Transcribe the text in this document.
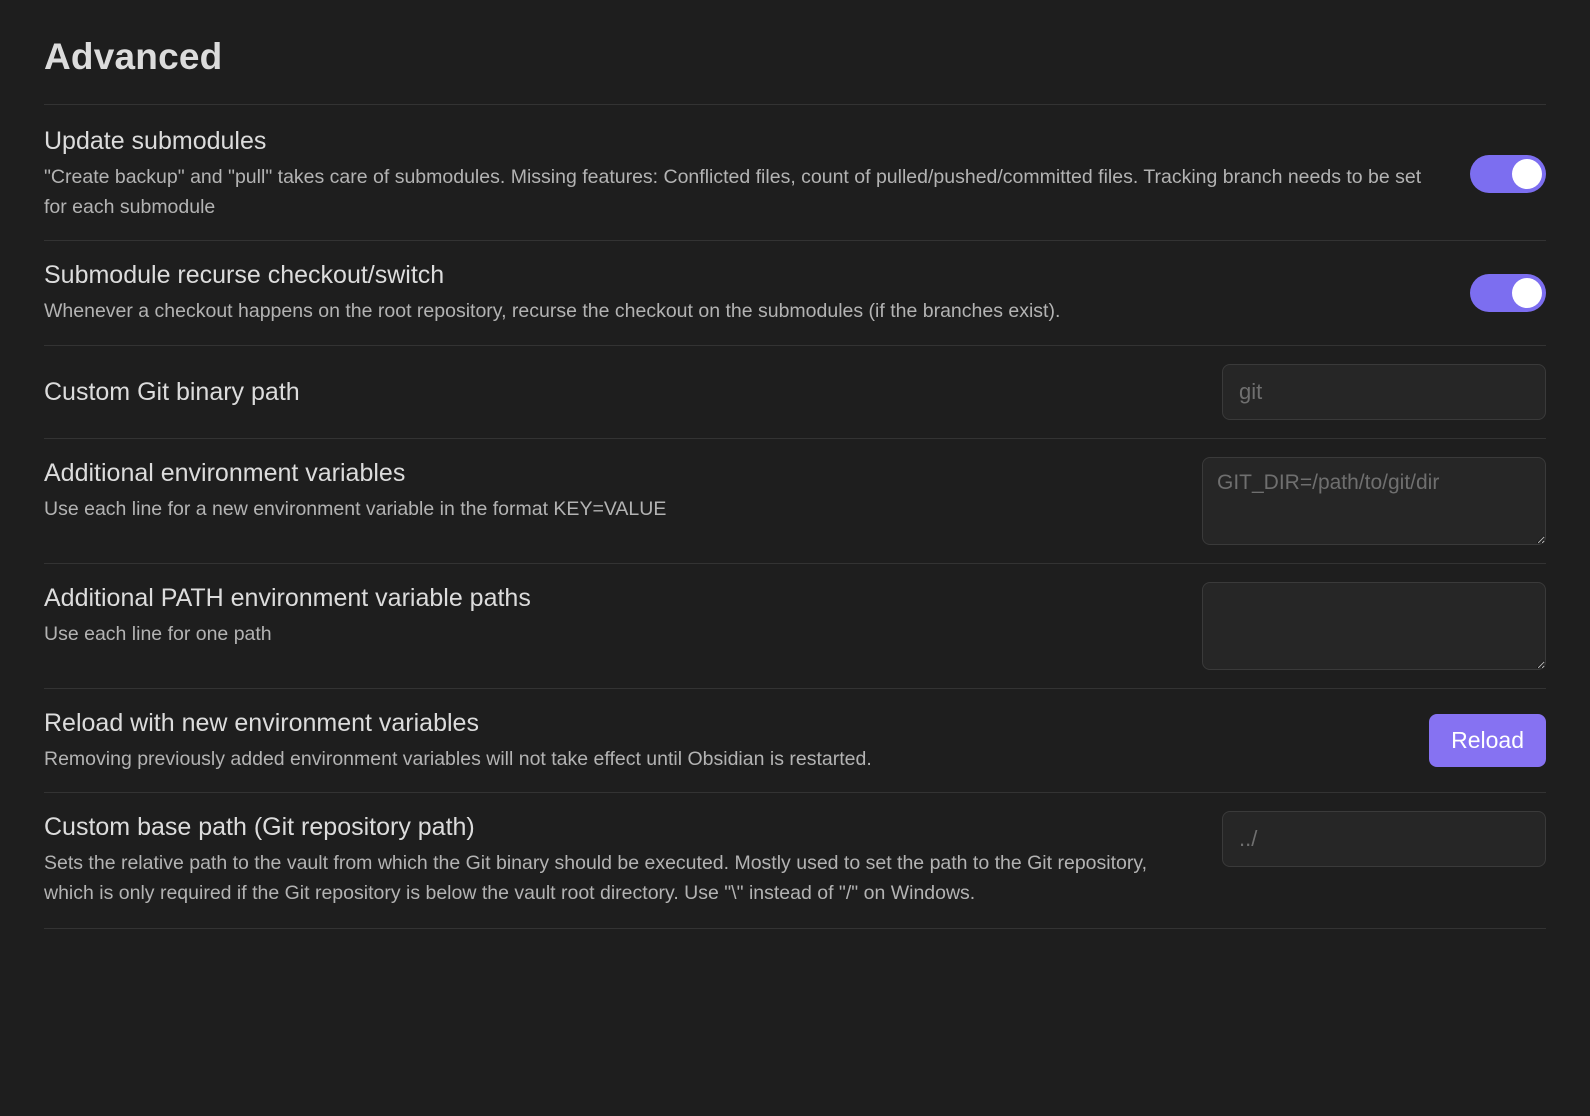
Advanced
Update submodules
"Create backup" and "pull" takes care of submodules. Missing features: Conflicted files, count of pulled/pushed/committed files. Tracking branch needs to be set for each submodule
Submodule recurse checkout/switch
Whenever a checkout happens on the root repository, recurse the checkout on the submodules (if the branches exist).
Custom Git binary path
git
Additional environment variables
Use each line for a new environment variable in the format KEY=VALUE
GIT_DIR=/path/to/git/dir
Additional PATH environment variable paths
Use each line for one path
Reload with new environment variables
Removing previously added environment variables will not take effect until Obsidian is restarted.
Reload
Custom base path (Git repository path)
Sets the relative path to the vault from which the Git binary should be executed. Mostly used to set the path to the Git repository, which is only required if the Git repository is below the vault root directory. Use "\" instead of "/" on Windows.
../
